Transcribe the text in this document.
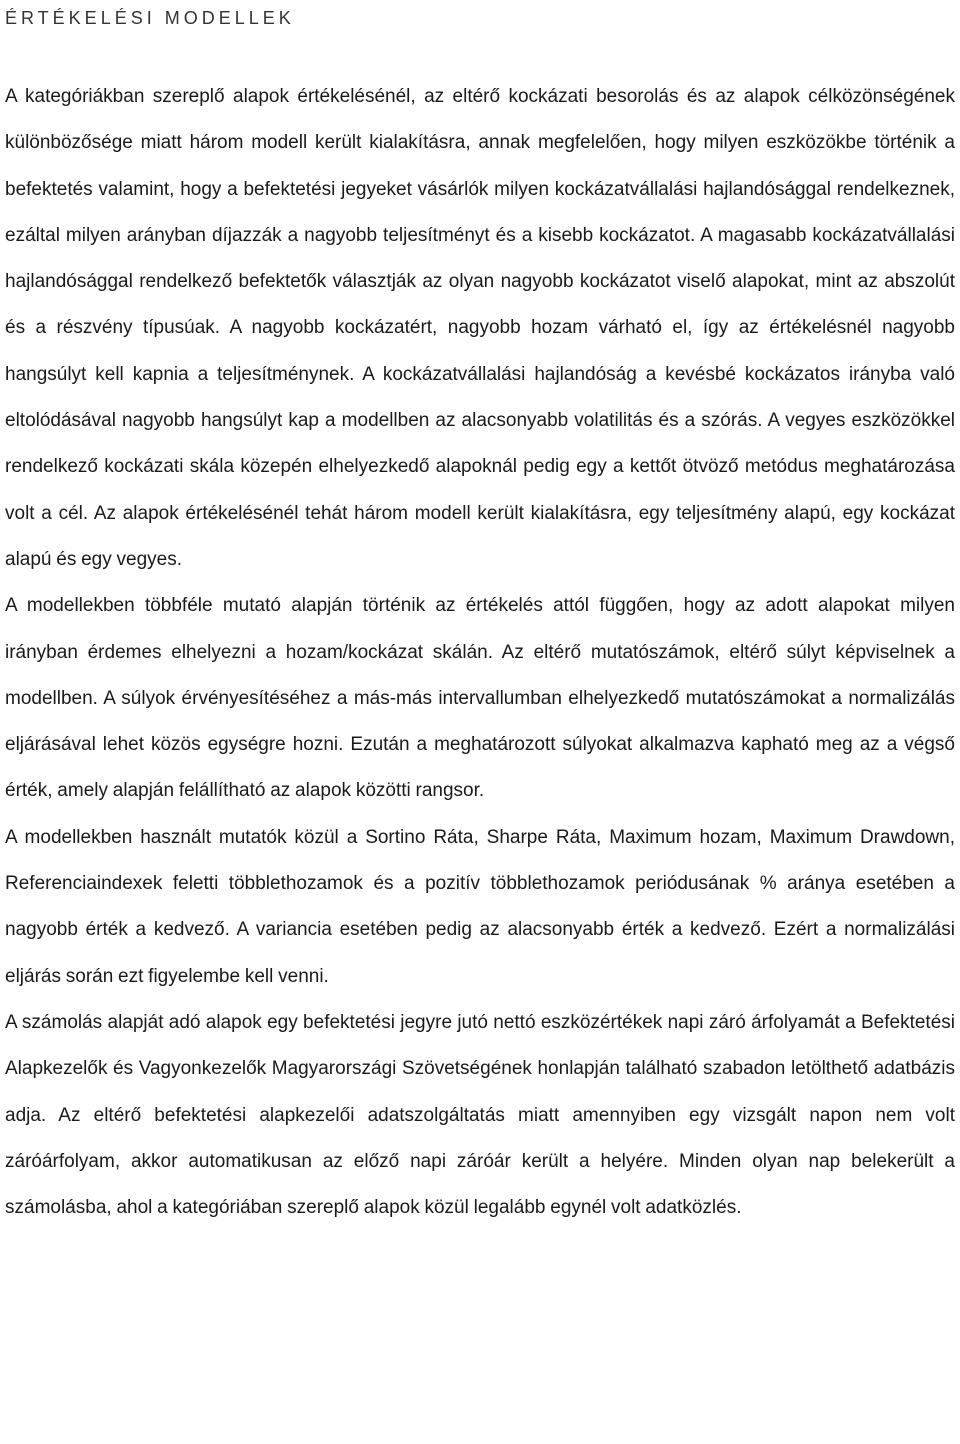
ÉRTÉKELÉSI MODELLEK

A kategóriákban szereplő alapok értékelésénél, az eltérő kockázati besorolás és az alapok célközönségének különbözősége miatt három modell került kialakításra, annak megfelelően, hogy milyen eszközökbe történik a befektetés valamint, hogy a befektetési jegyeket vásárlók milyen kockázatvállalási hajlandósággal rendelkeznek, ezáltal milyen arányban díjazzák a nagyobb teljesítményt és a kisebb kockázatot. A magasabb kockázatvállalási hajlandósággal rendelkező befektetők választják az olyan nagyobb kockázatot viselő alapokat, mint az abszolút és a részvény típusúak. A nagyobb kockázatért, nagyobb hozam várható el, így az értékelésnél nagyobb hangsúlyt kell kapnia a teljesítménynek. A kockázatvállalási hajlandóság a kevésbé kockázatos irányba való eltolódásával nagyobb hangsúlyt kap a modellben az alacsonyabb volatilitás és a szórás. A vegyes eszközökkel rendelkező kockázati skála közepén elhelyezkedő alapoknál pedig egy a kettőt ötvöző metódus meghatározása volt a cél. Az alapok értékelésénél tehát három modell került kialakításra, egy teljesítmény alapú, egy kockázat alapú és egy vegyes.

A modellekben többféle mutató alapján történik az értékelés attól függően, hogy az adott alapokat milyen irányban érdemes elhelyezni a hozam/kockázat skálán. Az eltérő mutatószámok, eltérő súlyt képviselnek a modellben. A súlyok érvényesítéséhez a más-más intervallumban elhelyezkedő mutatószámokat a normalizálás eljárásával lehet közös egységre hozni. Ezután a meghatározott súlyokat alkalmazva kapható meg az a végső érték, amely alapján felállítható az alapok közötti rangsor.

A modellekben használt mutatók közül a Sortino Ráta, Sharpe Ráta, Maximum hozam, Maximum Drawdown, Referenciaindexek feletti többlethozamok és a pozitív többlethozamok periódusának % aránya esetében a nagyobb érték a kedvező. A variancia esetében pedig az alacsonyabb érték a kedvező. Ezért a normalizálási eljárás során ezt figyelembe kell venni.

A számolás alapját adó alapok egy befektetési jegyre jutó nettó eszközértékek napi záró árfolyamát a Befektetési Alapkezelők és Vagyonkezelők Magyarországi Szövetségének honlapján található szabadon letölthető adatbázis adja. Az eltérő befektetési alapkezelői adatszolgáltatás miatt amennyiben egy vizsgált napon nem volt záróárfolyam, akkor automatikusan az előző napi záróár került a helyére. Minden olyan nap belekerült a számolásba, ahol a kategóriában szereplő alapok közül legalább egynél volt adatközlés.
